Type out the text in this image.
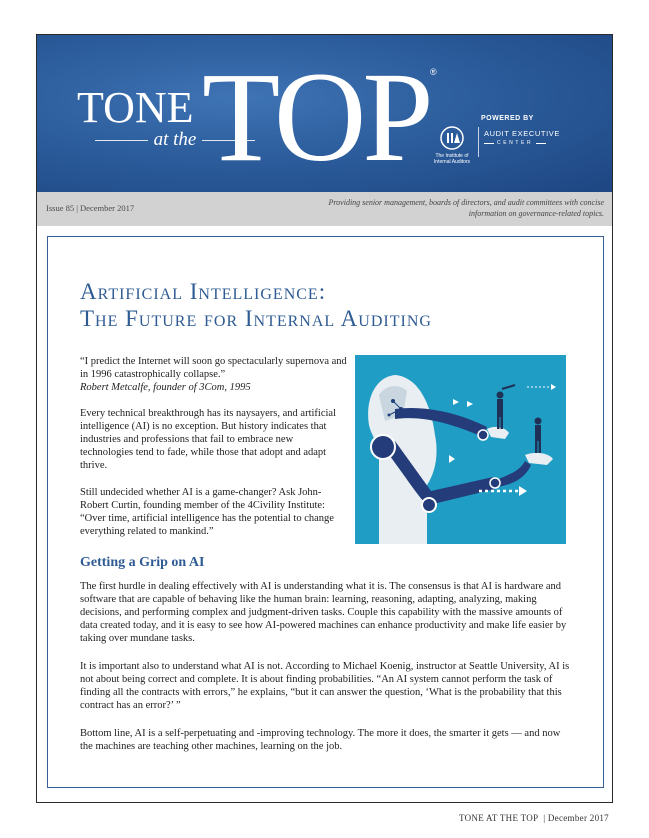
TONE
at the TOP ®
POWERED BY
The Institute of Internal Auditors
AUDIT EXECUTIVE
CENTER
Issue 85 | December 2017
Providing senior management, boards of directors, and audit committees with concise information on governance-related topics.
Artificial Intelligence:
The Future for Internal Auditing
“I predict the Internet will soon go spectacularly supernova and in 1996 catastrophically collapse.”
Robert Metcalfe, founder of 3Com, 1995

Every technical breakthrough has its naysayers, and artificial intelligence (AI) is no exception. But history indicates that industries and professions that fail to embrace new technologies tend to fade, while those that adopt and adapt thrive.

Still undecided whether AI is a game-changer? Ask John-Robert Curtin, founding member of the 4Civility Institute: “Over time, artificial intelligence has the potential to change everything related to mankind.”

Getting a Grip on AI

The first hurdle in dealing effectively with AI is understanding what it is. The consensus is that AI is hardware and software that are capable of behaving like the human brain: learning, reasoning, adapting, analyzing, making decisions, and performing complex and judgment-driven tasks. Couple this capability with the massive amounts of data created today, and it is easy to see how AI-powered machines can enhance productivity and make life easier by taking over mundane tasks.

It is important also to understand what AI is not. According to Michael Koenig, instructor at Seattle University, AI is not about being correct and complete. It is about finding probabilities. “An AI system cannot perform the task of finding all the contracts with errors,” he explains, “but it can answer the question, ‘What is the probability that this contract has an error?’ ”

Bottom line, AI is a self-perpetuating and -improving technology. The more it does, the smarter it gets — and now the machines are teaching other machines, learning on the job.

TONE AT THE TOP  | December 2017
